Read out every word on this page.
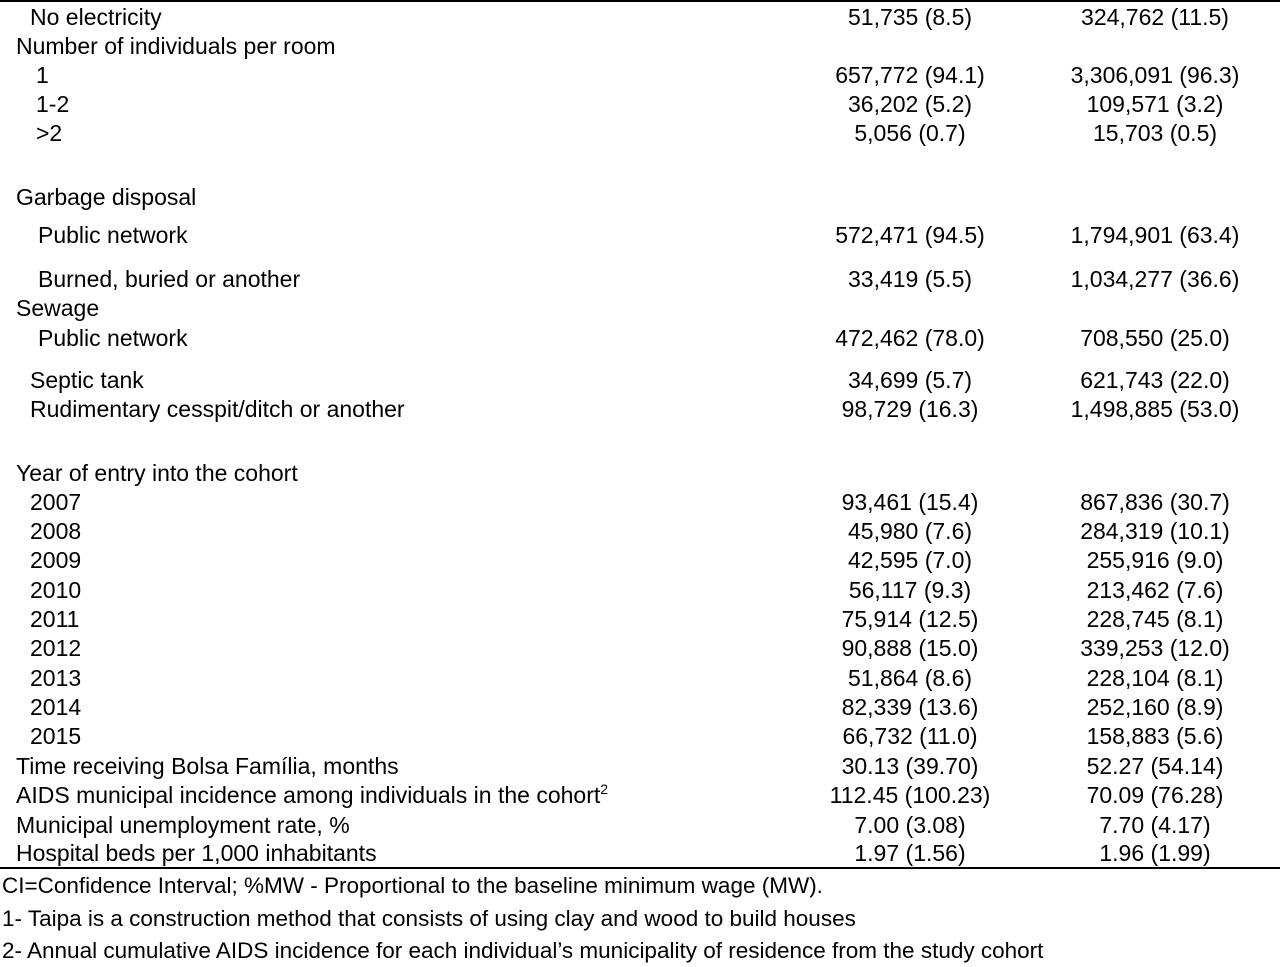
No electricity	51,735 (8.5)	324,762 (11.5)
Number of individuals per room
1	657,772 (94.1)	3,306,091 (96.3)
1-2	36,202 (5.2)	109,571 (3.2)
>2	5,056 (0.7)	15,703 (0.5)
Garbage disposal
Public network	572,471 (94.5)	1,794,901 (63.4)
Burned, buried or another	33,419 (5.5)	1,034,277 (36.6)
Sewage
Public network	472,462 (78.0)	708,550 (25.0)
Septic tank	34,699 (5.7)	621,743 (22.0)
Rudimentary cesspit/ditch or another	98,729 (16.3)	1,498,885 (53.0)
Year of entry into the cohort
2007	93,461 (15.4)	867,836 (30.7)
2008	45,980 (7.6)	284,319 (10.1)
2009	42,595 (7.0)	255,916 (9.0)
2010	56,117 (9.3)	213,462 (7.6)
2011	75,914 (12.5)	228,745 (8.1)
2012	90,888 (15.0)	339,253 (12.0)
2013	51,864 (8.6)	228,104 (8.1)
2014	82,339 (13.6)	252,160 (8.9)
2015	66,732 (11.0)	158,883 (5.6)
Time receiving Bolsa Família, months	30.13 (39.70)	52.27 (54.14)
AIDS municipal incidence among individuals in the cohort$^2$	112.45 (100.23)	70.09 (76.28)
Municipal unemployment rate, %	7.00 (3.08)	7.70 (4.17)
Hospital beds per 1,000 inhabitants	1.97 (1.56)	1.96 (1.99)
CI=Confidence Interval; %MW - Proportional to the baseline minimum wage (MW).
1- Taipa is a construction method that consists of using clay and wood to build houses
2- Annual cumulative AIDS incidence for each individual’s municipality of residence from the study cohort
